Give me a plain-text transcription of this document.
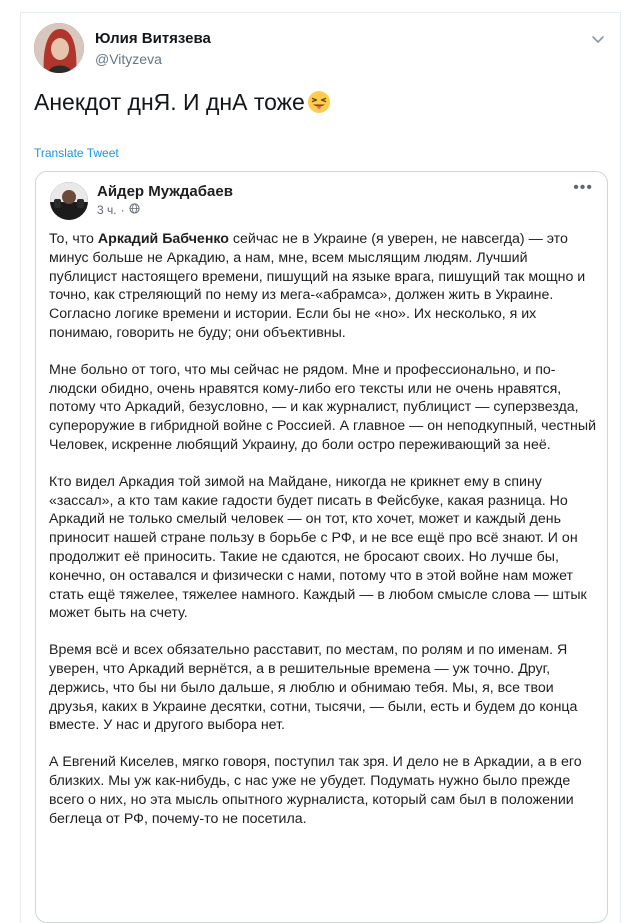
Юлия Витязева
@Vityzeva
Анекдот днЯ. И днА тоже
Translate Tweet
Айдер Муждабаев
3 ч. ·
•••

То, что Аркадий Бабченко сейчас не в Украине (я уверен, не навсегда) — это минус больше не Аркадию, а нам, мне, всем мыслящим людям. Лучший публицист настоящего времени, пишущий на языке врага, пишущий так мощно и точно, как стреляющий по нему из мега-«абрамса», должен жить в Украине. Согласно логике времени и истории. Если бы не «но». Их несколько, я их понимаю, говорить не буду; они объективны.

Мне больно от того, что мы сейчас не рядом. Мне и профессионально, и по-людски обидно, очень нравятся кому-либо его тексты или не очень нравятся, потому что Аркадий, безусловно, — и как журналист, публицист — суперзвезда, супероружие в гибридной войне с Россией. А главное — он неподкупный, честный Человек, искренне любящий Украину, до боли остро переживающий за неё.

Кто видел Аркадия той зимой на Майдане, никогда не крикнет ему в спину «зассал», а кто там какие гадости будет писать в Фейсбуке, какая разница. Но Аркадий не только смелый человек — он тот, кто хочет, может и каждый день приносит нашей стране пользу в борьбе с РФ, и не все ещё про всё знают. И он продолжит её приносить. Такие не сдаются, не бросают своих. Но лучше бы, конечно, он оставался и физически с нами, потому что в этой войне нам может стать ещё тяжелее, тяжелее намного. Каждый — в любом смысле слова — штык может быть на счету.

Время всё и всех обязательно расставит, по местам, по ролям и по именам. Я уверен, что Аркадий вернётся, а в решительные времена — уж точно. Друг, держись, что бы ни было дальше, я люблю и обнимаю тебя. Мы, я, все твои друзья, каких в Украине десятки, сотни, тысячи, — были, есть и будем до конца вместе. У нас и другого выбора нет.

А Евгений Киселев, мягко говоря, поступил так зря. И дело не в Аркадии, а в его близких. Мы уж как-нибудь, с нас уже не убудет. Подумать нужно было прежде всего о них, но эта мысль опытного журналиста, который сам был в положении беглеца от РФ, почему-то не посетила.
